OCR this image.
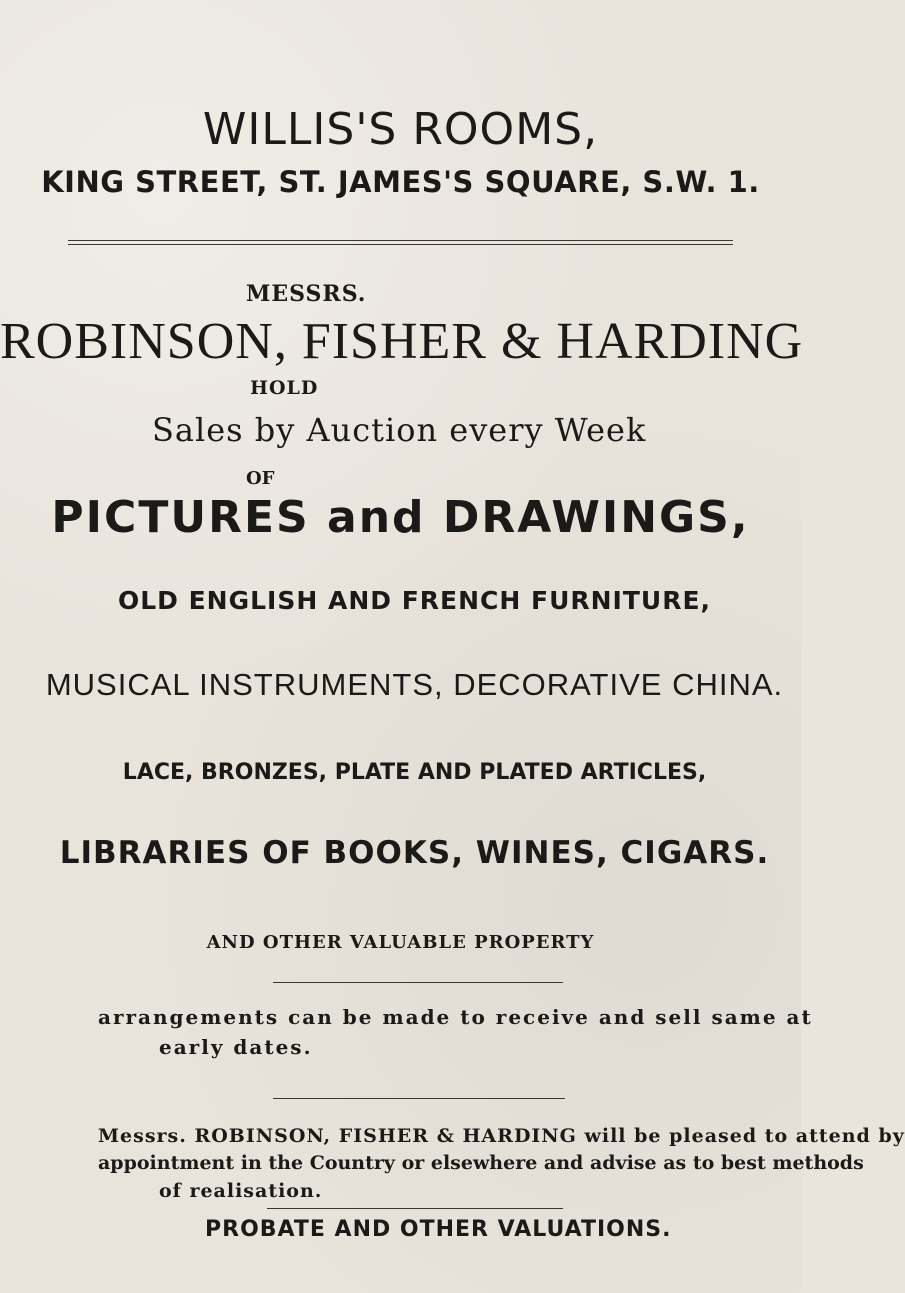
WILLIS'S ROOMS,
KING STREET, ST. JAMES'S SQUARE, S.W. 1.
MESSRS.
ROBINSON, FISHER & HARDING
HOLD
Sales by Auction every Week
OF
PICTURES and DRAWINGS,
OLD ENGLISH AND FRENCH FURNITURE,
MUSICAL INSTRUMENTS, DECORATIVE CHINA.
LACE, BRONZES, PLATE AND PLATED ARTICLES,
LIBRARIES OF BOOKS, WINES, CIGARS.
AND OTHER VALUABLE PROPERTY
arrangements can be made to receive and sell same at
early dates.
Messrs. ROBINSON, FISHER & HARDING will be pleased to attend by
appointment in the Country or elsewhere and advise as to best methods
of realisation.
PROBATE AND OTHER VALUATIONS.
